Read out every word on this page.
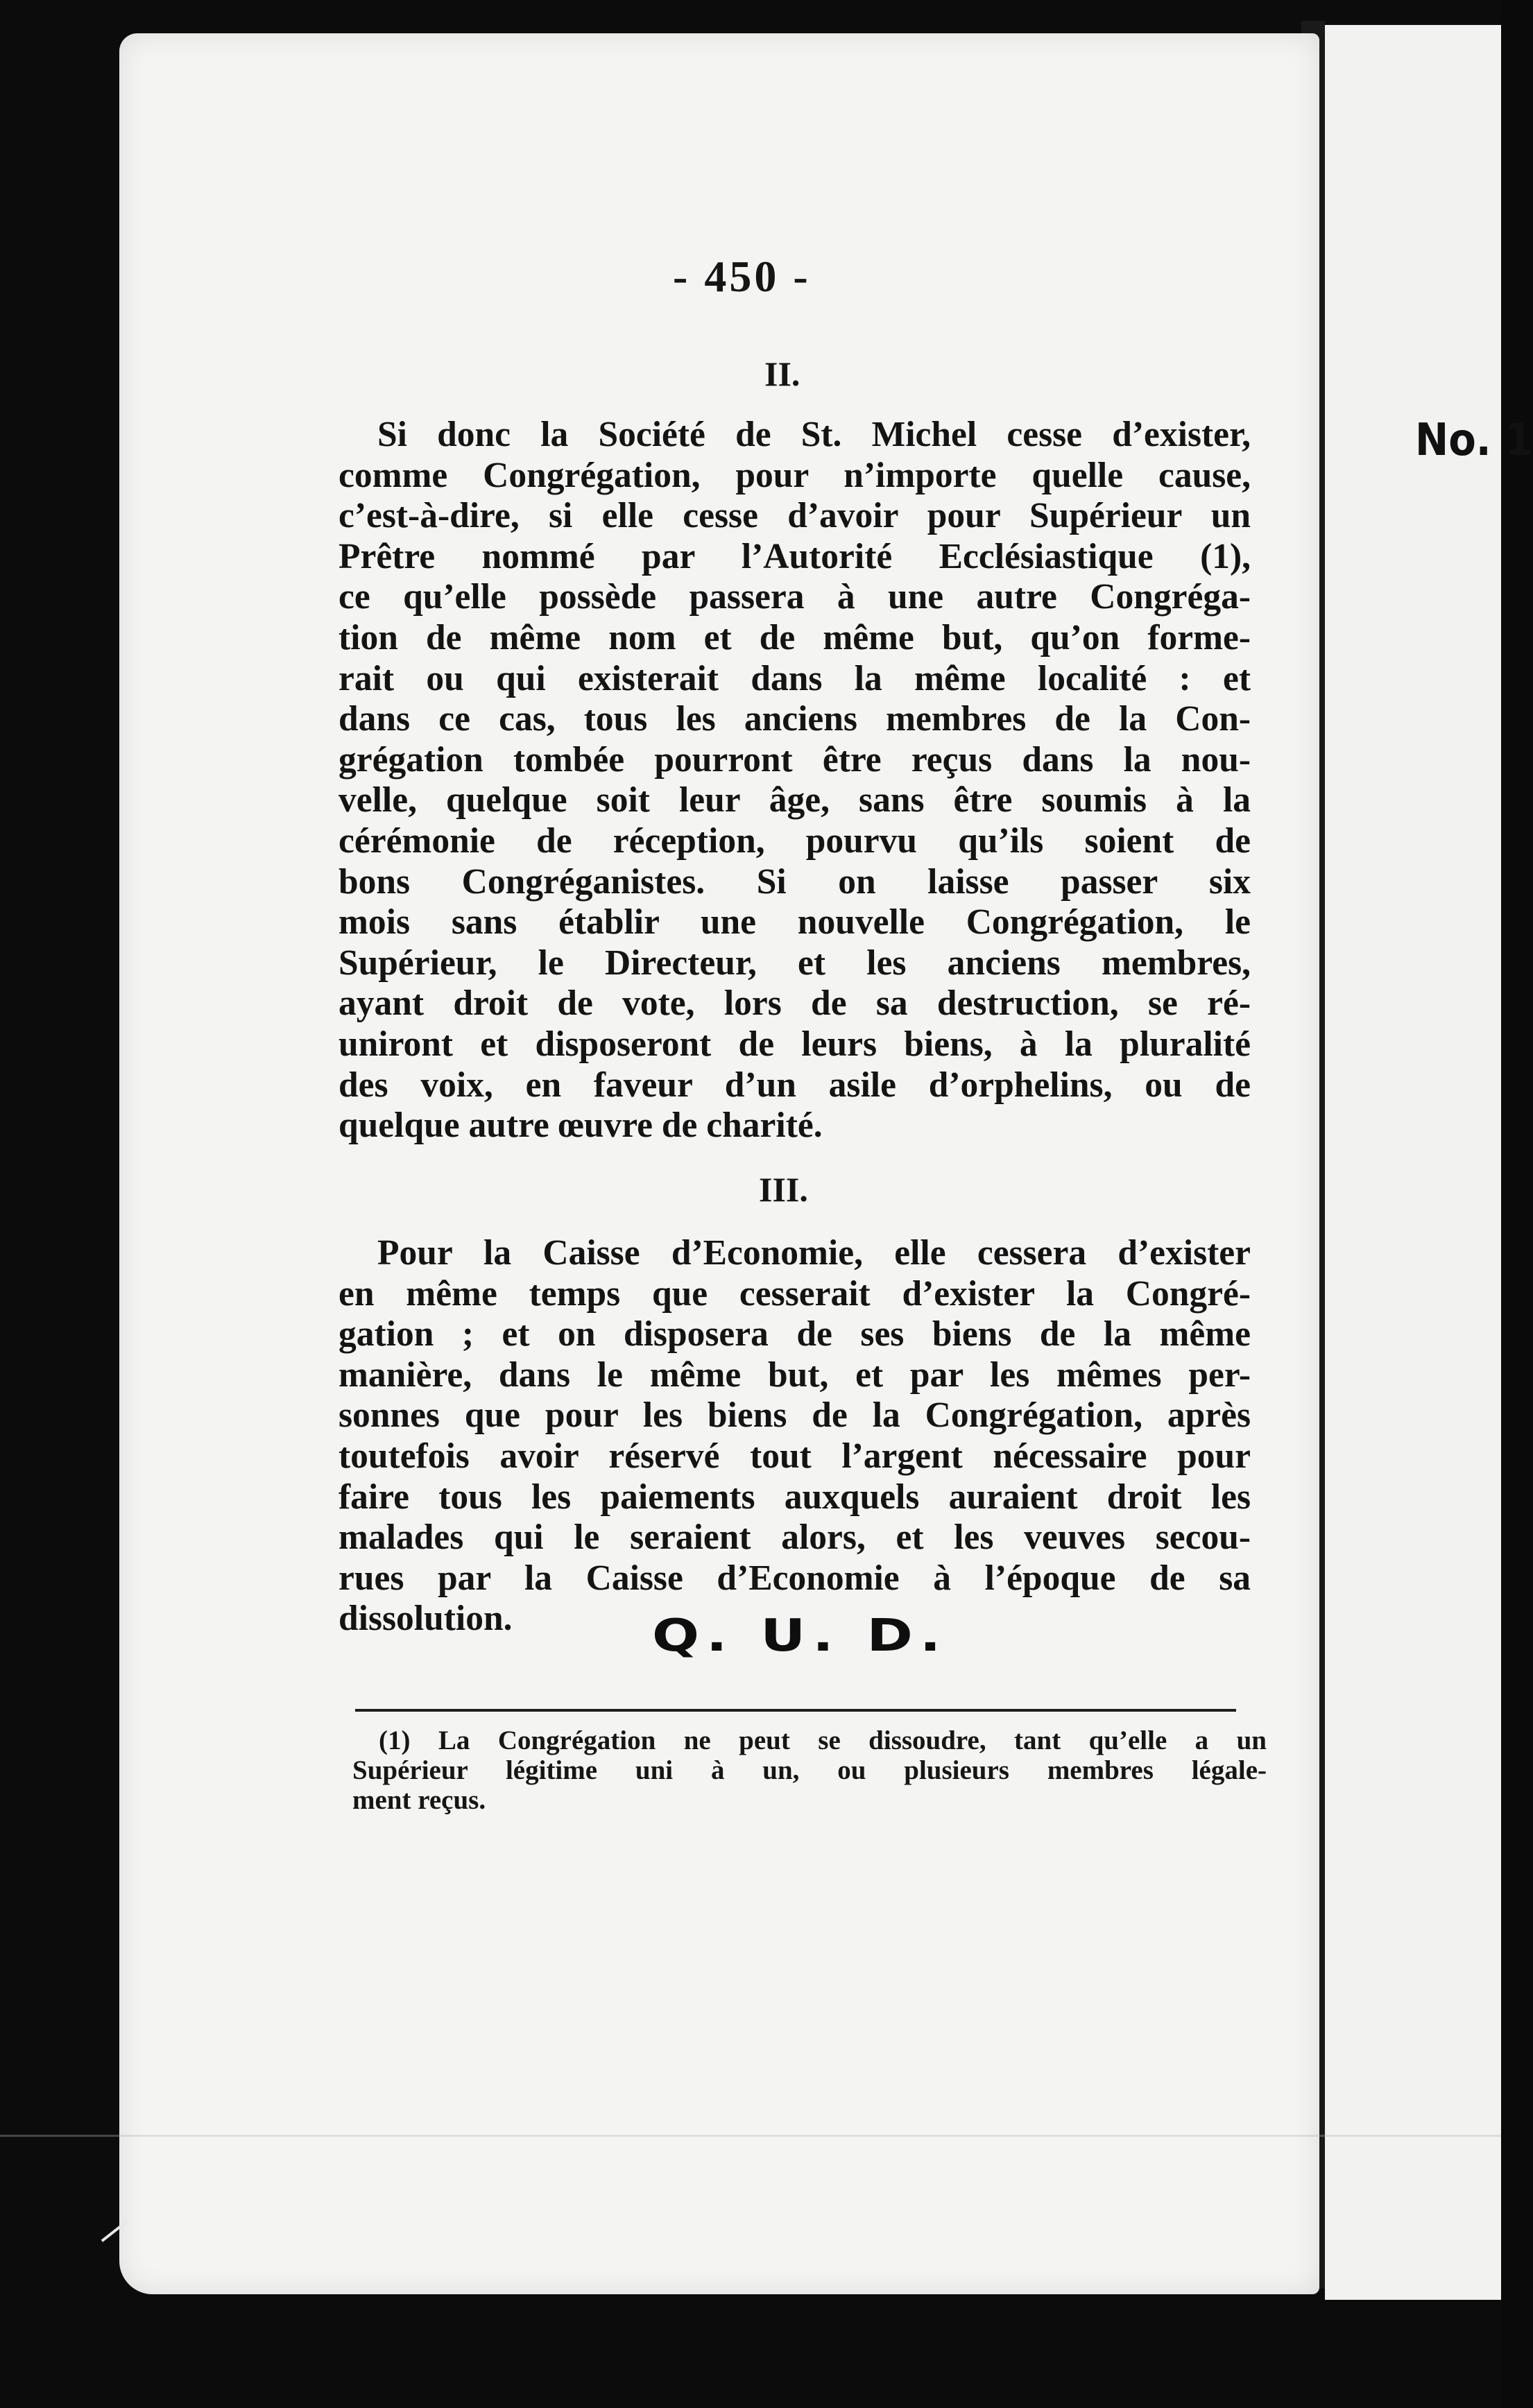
No. 1
- 450 -
II.
Si donc la Société de St. Michel cesse d’exister,
comme Congrégation, pour n’importe quelle cause,
c’est-à-dire, si elle cesse d’avoir pour Supérieur un
Prêtre nommé par l’Autorité Ecclésiastique (1),
ce qu’elle possède passera à une autre Congréga-
tion de même nom et de même but, qu’on forme-
rait ou qui existerait dans la même localité : et
dans ce cas, tous les anciens membres de la Con-
grégation tombée pourront être reçus dans la nou-
velle, quelque soit leur âge, sans être soumis à la
cérémonie de réception, pourvu qu’ils soient de
bons Congréganistes. Si on laisse passer six
mois sans établir une nouvelle Congrégation, le
Supérieur, le Directeur, et les anciens membres,
ayant droit de vote, lors de sa destruction, se ré-
uniront et disposeront de leurs biens, à la pluralité
des voix, en faveur d’un asile d’orphelins, ou de
quelque autre œuvre de charité.
III.
Pour la Caisse d’Economie, elle cessera d’exister
en même temps que cesserait d’exister la Congré-
gation ; et on disposera de ses biens de la même
manière, dans le même but, et par les mêmes per-
sonnes que pour les biens de la Congrégation, après
toutefois avoir réservé tout l’argent nécessaire pour
faire tous les paiements auxquels auraient droit les
malades qui le seraient alors, et les veuves secou-
rues par la Caisse d’Economie à l’époque de sa
dissolution.	Q. U. D.
(1) La Congrégation ne peut se dissoudre, tant qu’elle a un
Supérieur légitime uni à un, ou plusieurs membres légale-
ment reçus.
